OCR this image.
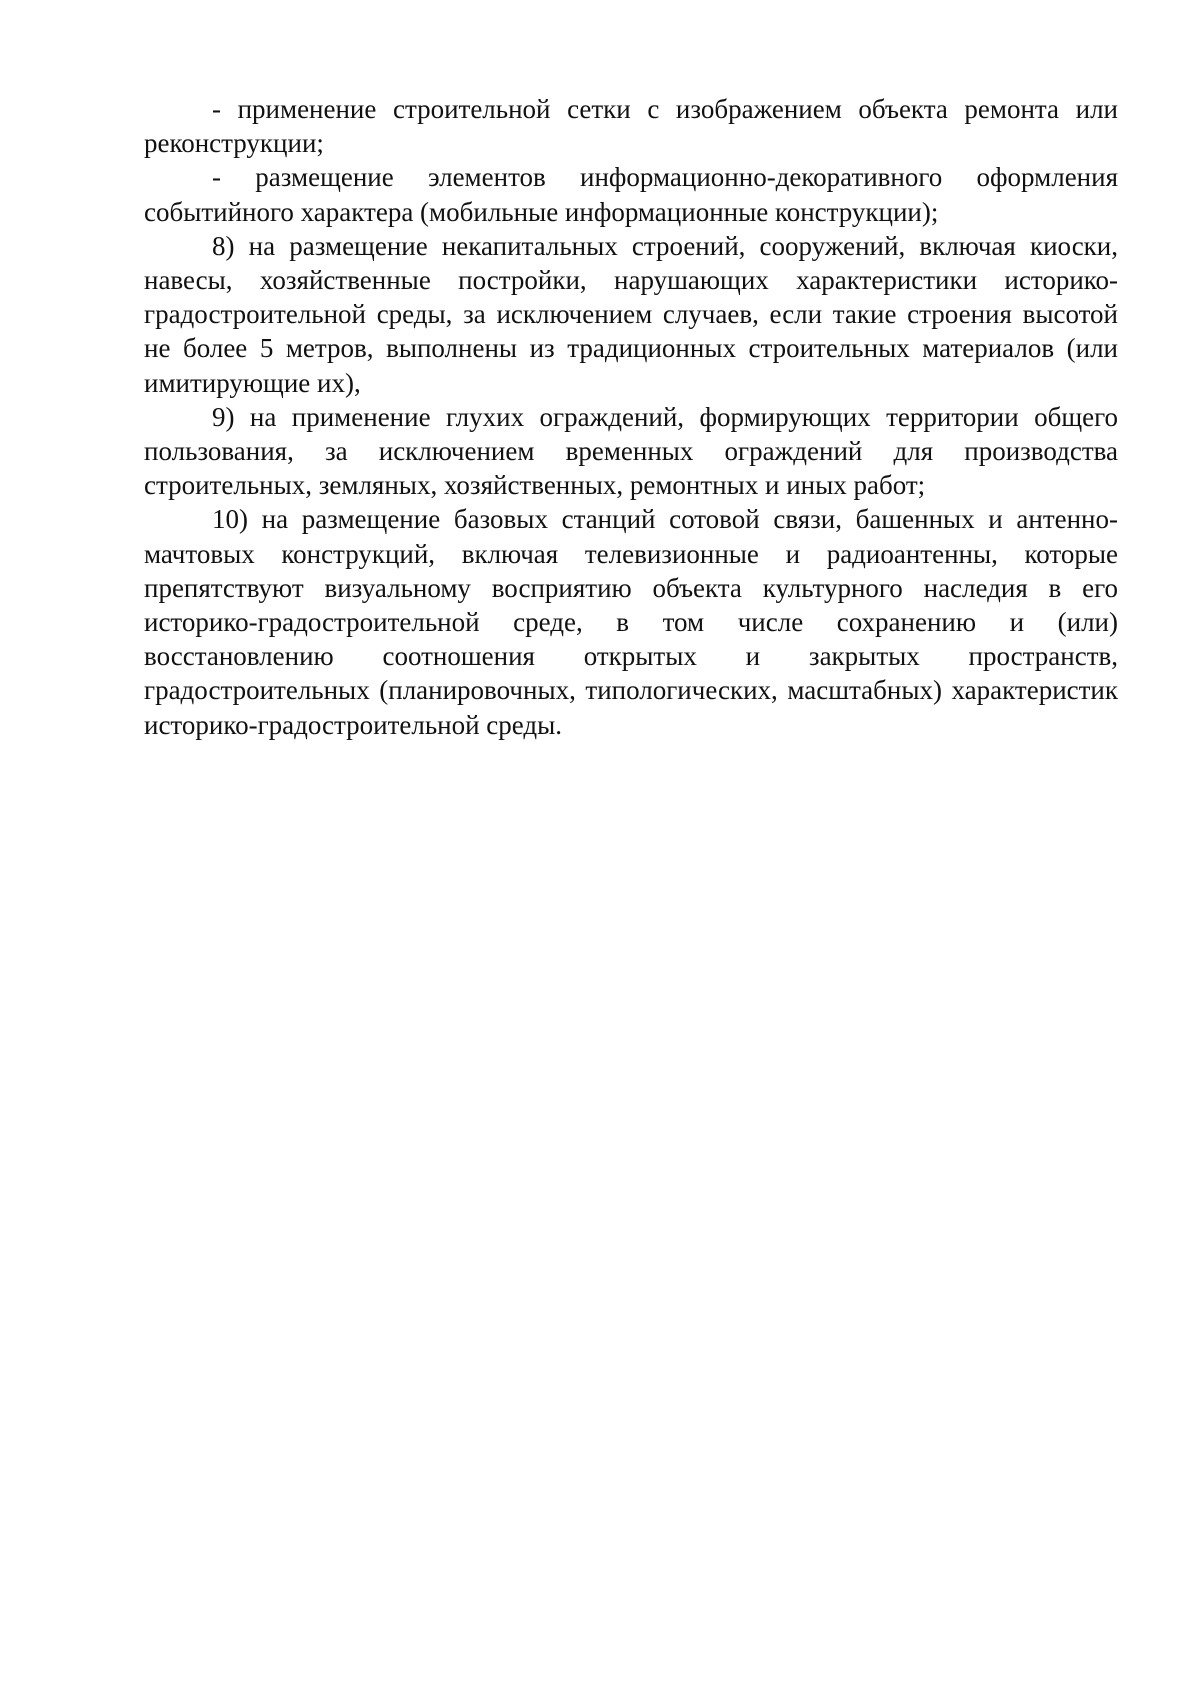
- применение строительной сетки с изображением объекта ремонта или реконструкции;

- размещение элементов информационно-декоративного оформления событийного характера (мобильные информационные конструкции);

8) на размещение некапитальных строений, сооружений, включая киоски, навесы, хозяйственные постройки, нарушающих характеристики историко-градостроительной среды, за исключением случаев, если такие строения высотой не более 5 метров, выполнены из традиционных строительных материалов (или имитирующие их),

9) на применение глухих ограждений, формирующих территории общего пользования, за исключением временных ограждений для производства строительных, земляных, хозяйственных, ремонтных и иных работ;

10) на размещение базовых станций сотовой связи, башенных и антенно-мачтовых конструкций, включая телевизионные и радиоантенны, которые препятствуют визуальному восприятию объекта культурного наследия в его историко-градостроительной среде, в том числе сохранению и (или) восстановлению соотношения открытых и закрытых пространств, градостроительных (планировочных, типологических, масштабных) характеристик историко-градостроительной среды.
